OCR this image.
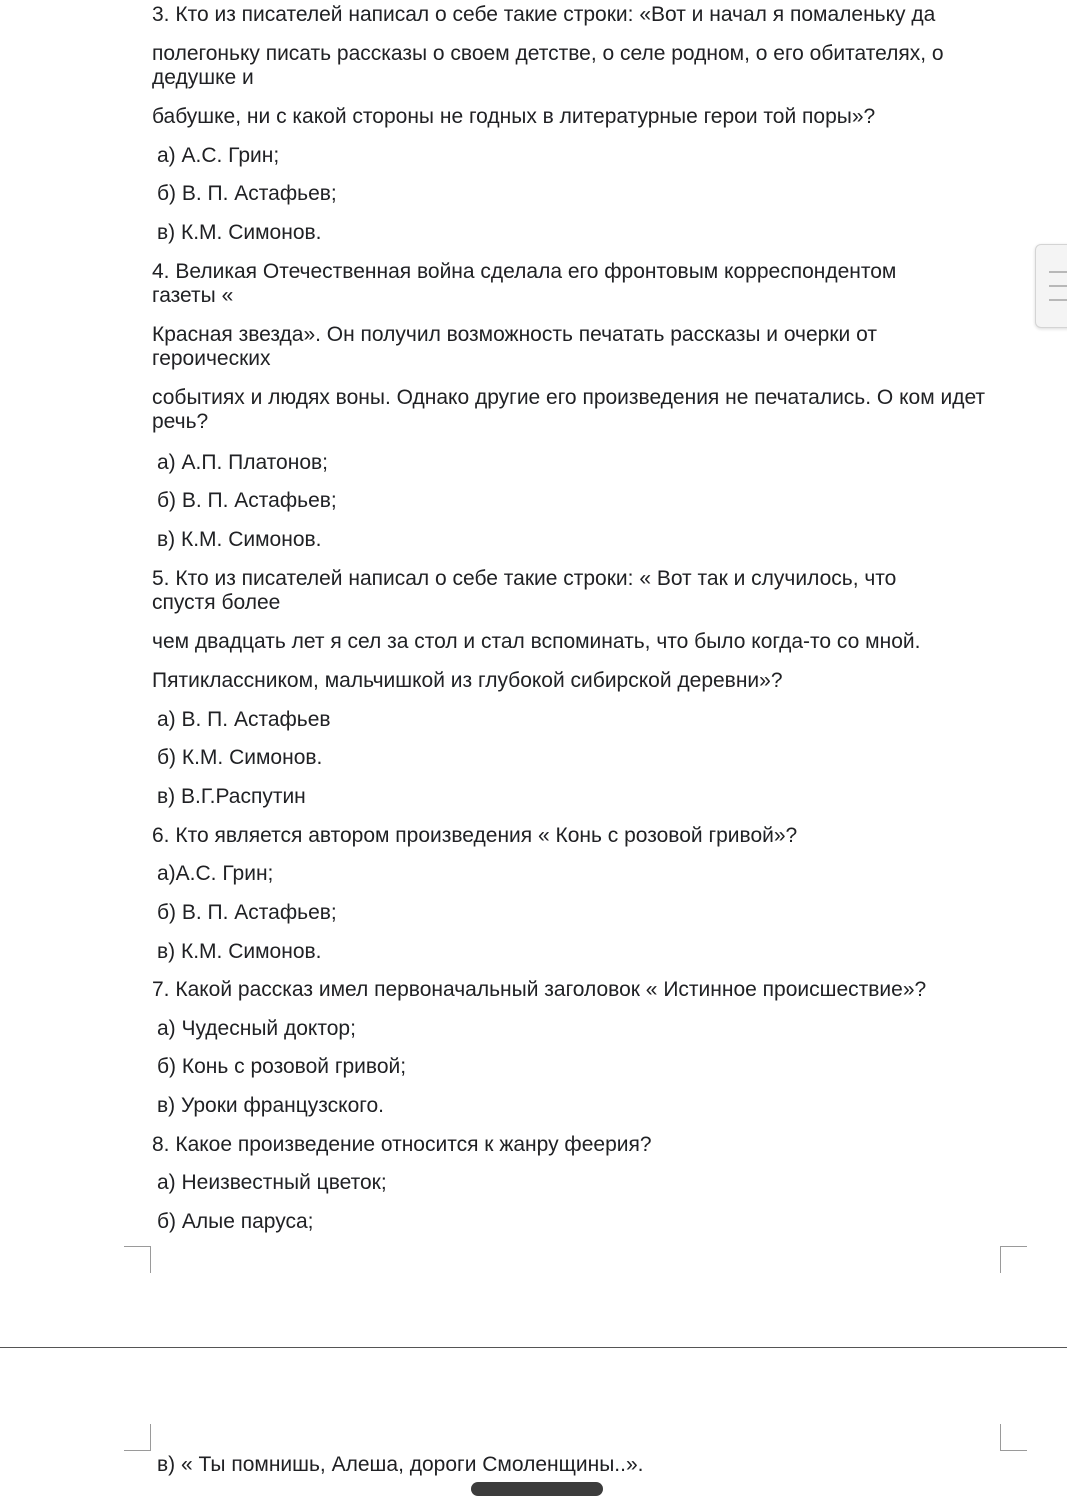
3. Кто из писателей написал о себе такие строки: «Вот и начал я помаленьку да
полегоньку писать рассказы о своем детстве, о селе родном, о его обитателях, о дедушке и
бабушке, ни с какой стороны не годных в литературные герои той поры»?
а) А.С. Грин;
б) В. П. Астафьев;
в) К.М. Симонов.
4. Великая Отечественная война сделала его фронтовым корреспондентом газеты «
Красная звезда». Он получил возможность печатать рассказы и очерки от героических
событиях и людях воны. Однако другие его произведения не печатались. О ком идет речь?
а) А.П. Платонов;
б) В. П. Астафьев;
в) К.М. Симонов.
5. Кто из писателей написал о себе такие строки: « Вот так и случилось, что спустя более
чем двадцать лет я сел за стол и стал вспоминать, что было когда-то со мной.
Пятиклассником, мальчишкой из глубокой сибирской деревни»?
а) В. П. Астафьев
б) К.М. Симонов.
в) В.Г.Распутин
6. Кто является автором произведения « Конь с розовой гривой»?
а)А.С. Грин;
б) В. П. Астафьев;
в) К.М. Симонов.
7. Какой рассказ имел первоначальный заголовок « Истинное происшествие»?
а) Чудесный доктор;
б) Конь с розовой гривой;
в) Уроки французского.
8. Какое произведение относится к жанру феерия?
а) Неизвестный цветок;
б) Алые паруса;
в) « Ты помнишь, Алеша, дороги Смоленщины..».
